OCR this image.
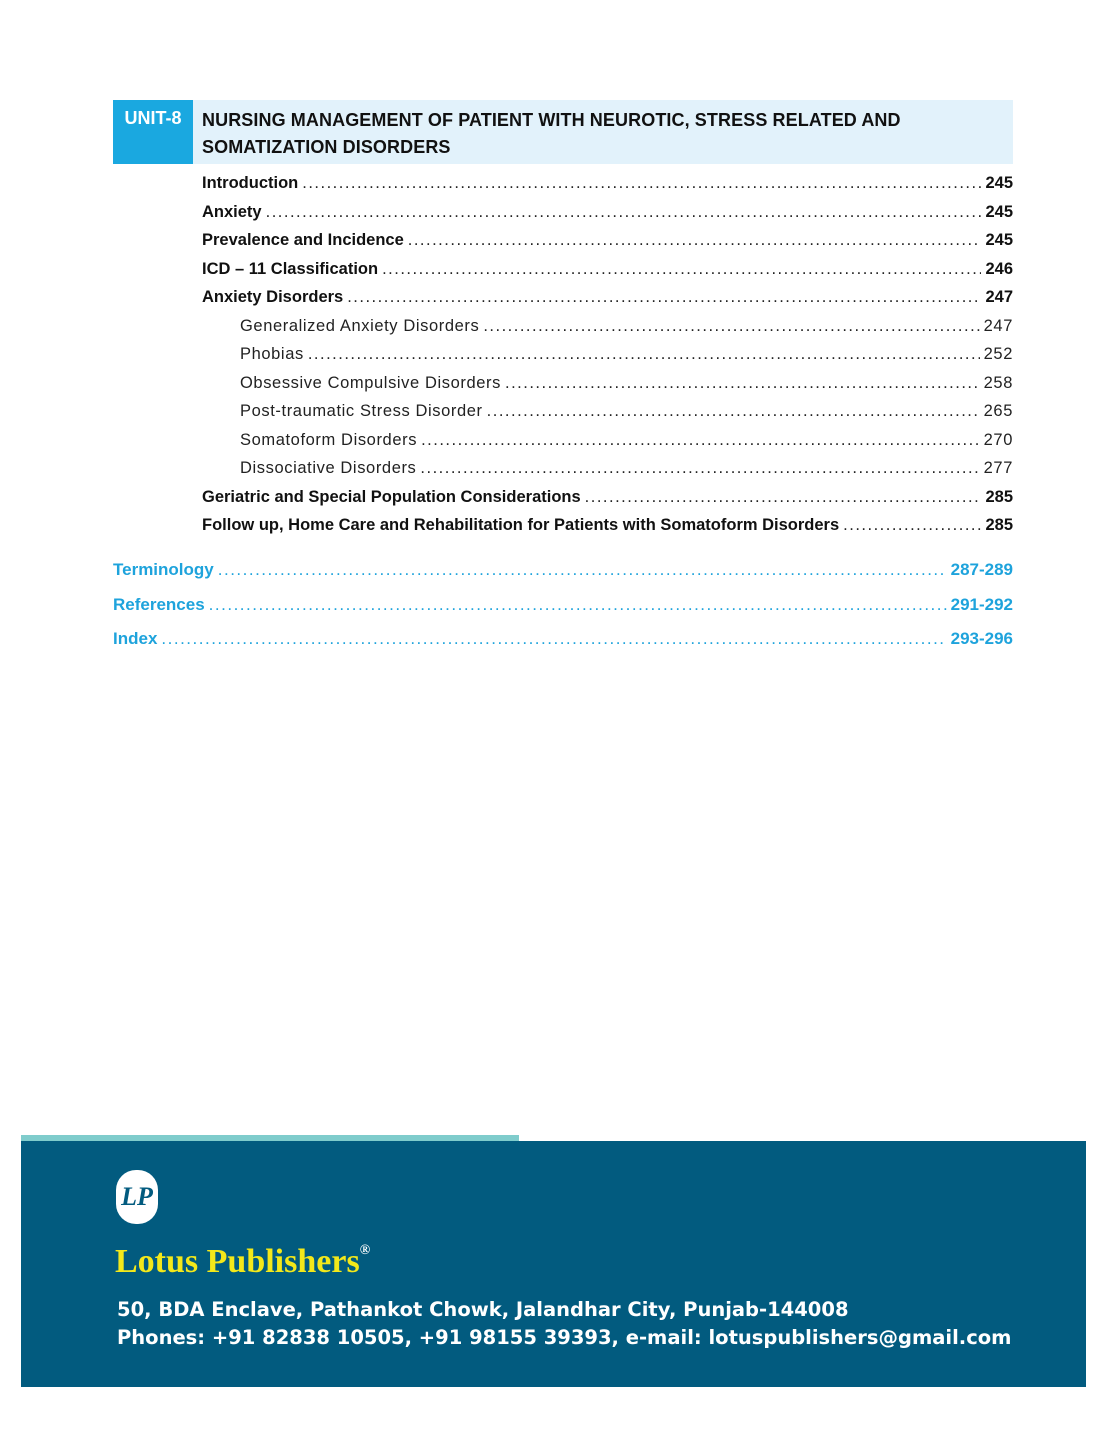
UNIT-8	NURSING MANAGEMENT OF PATIENT WITH NEUROTIC, STRESS RELATED AND
SOMATIZATION DISORDERS
Introduction .....	245
Anxiety .....	245
Prevalence and Incidence .....	245
ICD – 11 Classification .....	246
Anxiety Disorders .....	247
Generalized Anxiety Disorders .....	247
Phobias .....	252
Obsessive Compulsive Disorders .....	258
Post-traumatic Stress Disorder .....	265
Somatoform Disorders .....	270
Dissociative Disorders .....	277
Geriatric and Special Population Considerations .....	285
Follow up, Home Care and Rehabilitation for Patients with Somatoform Disorders .....	285
Terminology .....	287-289
References .....	291-292
Index .....	293-296
LP
Lotus Publishers®
50, BDA Enclave, Pathankot Chowk, Jalandhar City, Punjab-144008
Phones: +91 82838 10505, +91 98155 39393, e-mail: lotuspublishers@gmail.com
